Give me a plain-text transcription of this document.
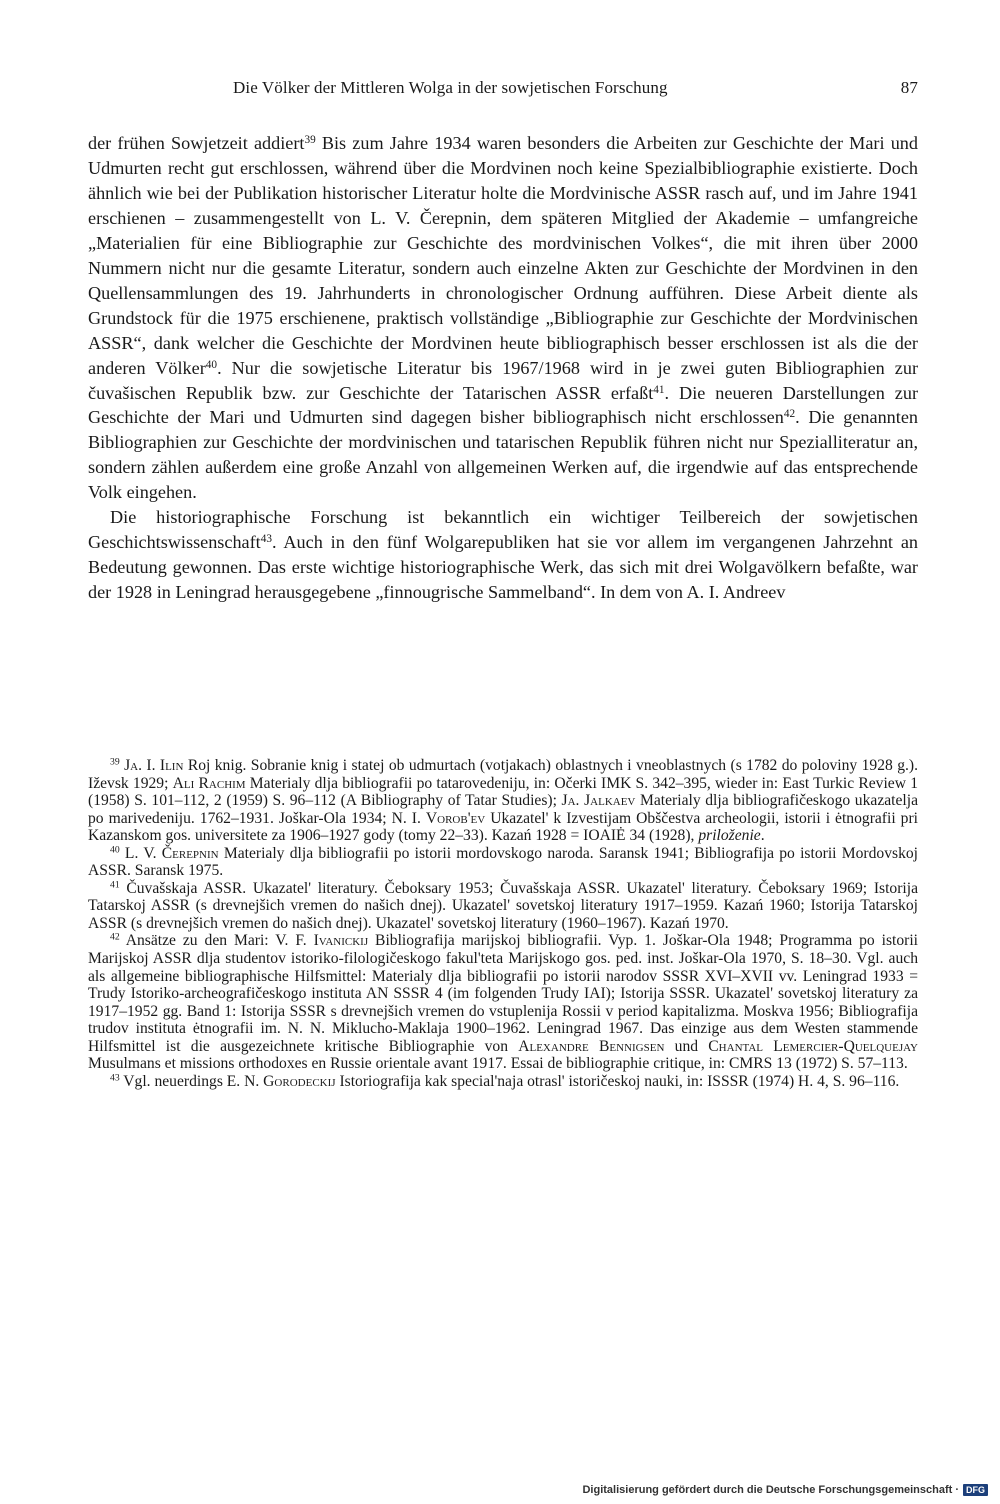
Die Völker der Mittleren Wolga in der sowjetischen Forschung	87

der frühen Sowjetzeit addiert$^{39}$ Bis zum Jahre 1934 waren besonders die Arbeiten zur Geschichte der Mari und Udmurten recht gut erschlossen, während über die Mordvinen noch keine Spezialbibliographie existierte. Doch ähnlich wie bei der Publikation historischer Literatur holte die Mordvinische ASSR rasch auf, und im Jahre 1941 erschienen – zusammengestellt von L. V. Čerepnin, dem späteren Mitglied der Akademie – umfangreiche „Materialien für eine Bibliographie zur Geschichte des mordvinischen Volkes“, die mit ihren über 2000 Nummern nicht nur die gesamte Literatur, sondern auch einzelne Akten zur Geschichte der Mordvinen in den Quellensammlungen des 19. Jahrhunderts in chronologischer Ordnung aufführen. Diese Arbeit diente als Grundstock für die 1975 erschienene, praktisch vollständige „Bibliographie zur Geschichte der Mordvinischen ASSR“, dank welcher die Geschichte der Mordvinen heute bibliographisch besser erschlossen ist als die der anderen Völker$^{40}$. Nur die sowjetische Literatur bis 1967/1968 wird in je zwei guten Bibliographien zur čuvašischen Republik bzw. zur Geschichte der Tatarischen ASSR erfaßt$^{41}$. Die neueren Darstellungen zur Geschichte der Mari und Udmurten sind dagegen bisher bibliographisch nicht erschlossen$^{42}$. Die genannten Bibliographien zur Geschichte der mordvinischen und tatarischen Republik führen nicht nur Spezialliteratur an, sondern zählen außerdem eine große Anzahl von allgemeinen Werken auf, die irgendwie auf das entsprechende Volk eingehen.

Die historiographische Forschung ist bekanntlich ein wichtiger Teilbereich der sowjetischen Geschichtswissenschaft$^{43}$. Auch in den fünf Wolgarepubliken hat sie vor allem im vergangenen Jahrzehnt an Bedeutung gewonnen. Das erste wichtige historiographische Werk, das sich mit drei Wolgavölkern befaßte, war der 1928 in Leningrad herausgegebene „finnougrische Sammelband“. In dem von A. I. Andreev

$^{39}$ Ja. I. Ilin Roj knig. Sobranie knig i statej ob udmurtach (votjakach) oblastnych i vneoblastnych (s 1782 do poloviny 1928 g.). Iževsk 1929; Ali Rachim Materialy dlja bibliografii po tatarovedeniju, in: Očerki IMK S. 342–395, wieder in: East Turkic Review 1 (1958) S. 101–112, 2 (1959) S. 96–112 (A Bibliography of Tatar Studies); Ja. Jalkaev Materialy dlja bibliografičeskogo ukazatelja po marivedeniju. 1762–1931. Joškar-Ola 1934; N. I. Vorob'ev Ukazatel' k Izvestijam Obščestva archeologii, istorii i ėtnografii pri Kazanskom gos. universitete za 1906–1927 gody (tomy 22–33). Kazań 1928 = IOAIĖ 34 (1928), priloženie.

$^{40}$ L. V. Čerepnin Materialy dlja bibliografii po istorii mordovskogo naroda. Saransk 1941; Bibliografija po istorii Mordovskoj ASSR. Saransk 1975.

$^{41}$ Čuvašskaja ASSR. Ukazatel' literatury. Čeboksary 1953; Čuvašskaja ASSR. Ukazatel' literatury. Čeboksary 1969; Istorija Tatarskoj ASSR (s drevnejšich vremen do našich dnej). Ukazatel' sovetskoj literatury 1917–1959. Kazań 1960; Istorija Tatarskoj ASSR (s drevnejšich vremen do našich dnej). Ukazatel' sovetskoj literatury (1960–1967). Kazań 1970.

$^{42}$ Ansätze zu den Mari: V. F. Ivanickij Bibliografija marijskoj bibliografii. Vyp. 1. Joškar-Ola 1948; Programma po istorii Marijskoj ASSR dlja studentov istoriko-filologičeskogo fakul'teta Marijskogo gos. ped. inst. Joškar-Ola 1970, S. 18–30. Vgl. auch als allgemeine bibliographische Hilfsmittel: Materialy dlja bibliografii po istorii narodov SSSR XVI–XVII vv. Leningrad 1933 = Trudy Istoriko-archeografičeskogo instituta AN SSSR 4 (im folgenden Trudy IAI); Istorija SSSR. Ukazatel' sovetskoj literatury za 1917–1952 gg. Band 1: Istorija SSSR s drevnejšich vremen do vstuplenija Rossii v period kapitalizma. Moskva 1956; Bibliografija trudov instituta ėtnografii im. N. N. Miklucho-Maklaja 1900–1962. Leningrad 1967. Das einzige aus dem Westen stammende Hilfsmittel ist die ausgezeichnete kritische Bibliographie von Alexandre Bennigsen und Chantal Lemercier-Quelquejay Musulmans et missions orthodoxes en Russie orientale avant 1917. Essai de bibliographie critique, in: CMRS 13 (1972) S. 57–113.

$^{43}$ Vgl. neuerdings E. N. Gorodeckij Istoriografija kak special'naja otrasl' istoričeskoj nauki, in: ISSSR (1974) H. 4, S. 96–116.

Digitalisierung gefördert durch die Deutsche Forschungsgemeinschaft · DFG
